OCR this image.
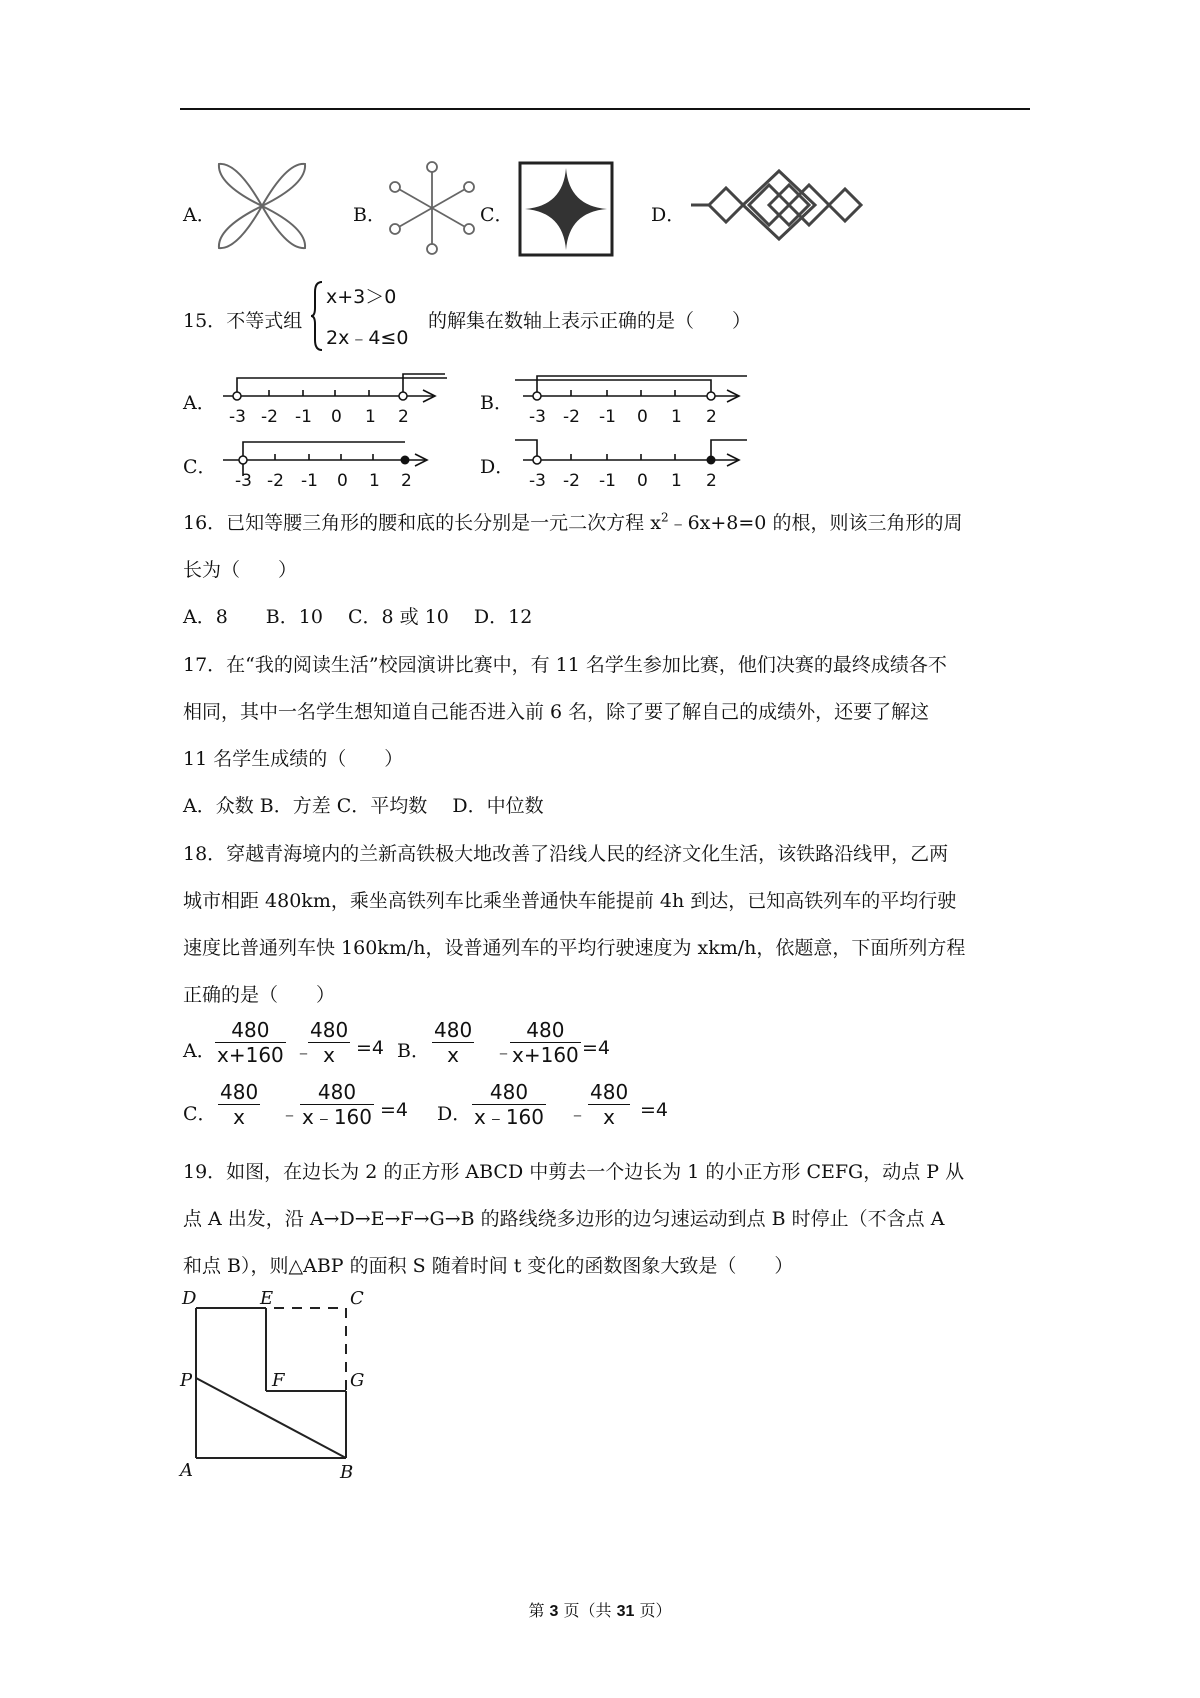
A．	B．	C．	D．
15．不等式组
x+3＞0
2x﹣4≤0
的解集在数轴上表示正确的是（　　）
A．
-3 -2 -1 0 1 2
B．
-3 -2 -1 0 1 2
C．
-3 -2 -1 0 1 2
D．
-3 -2 -1 0 1 2
16．已知等腰三角形的腰和底的长分别是一元二次方程 $x^2﹣6x+8=0$ 的根，则该三角形的周
长为（　　）
A．8　　B．10　 C．8 或 10　 D．12
17．在“我的阅读生活”校园演讲比赛中，有 11 名学生参加比赛，他们决赛的最终成绩各不
相同，其中一名学生想知道自己能否进入前 6 名，除了要了解自己的成绩外，还要了解这
11 名学生成绩的（　　）
A．众数 B．方差 C．平均数　 D．中位数
18．穿越青海境内的兰新高铁极大地改善了沿线人民的经济文化生活，该铁路沿线甲，乙两
城市相距 480km，乘坐高铁列车比乘坐普通快车能提前 4h 到达，已知高铁列车的平均行驶
速度比普通列车快 160km/h，设普通列车的平均行驶速度为 xkm/h，依题意，下面所列方程
正确的是（　　）
A． $\frac{480}{x+160}$ ﹣
$\frac{480}{x} =4$ B． $\frac{480}{x}$ ﹣
$\frac{480}{x+160} =4$
C． $\frac{480}{x}$ ﹣ $\frac{480}{x﹣160} =4$ D． $\frac{480}{x﹣160}$ ﹣ $\frac{480}{x} =4$
19．如图，在边长为 2 的正方形 ABCD 中剪去一个边长为 1 的小正方形 CEFG，动点 P 从
点 A 出发，沿 A→D→E→F→G→B 的路线绕多边形的边匀速运动到点 B 时停止（不含点 A
和点 B），则△ABP 的面积 S 随着时间 t 变化的函数图象大致是（　　）
D	E	C
P	F	G
A	B
第 3 页（共 31 页）
